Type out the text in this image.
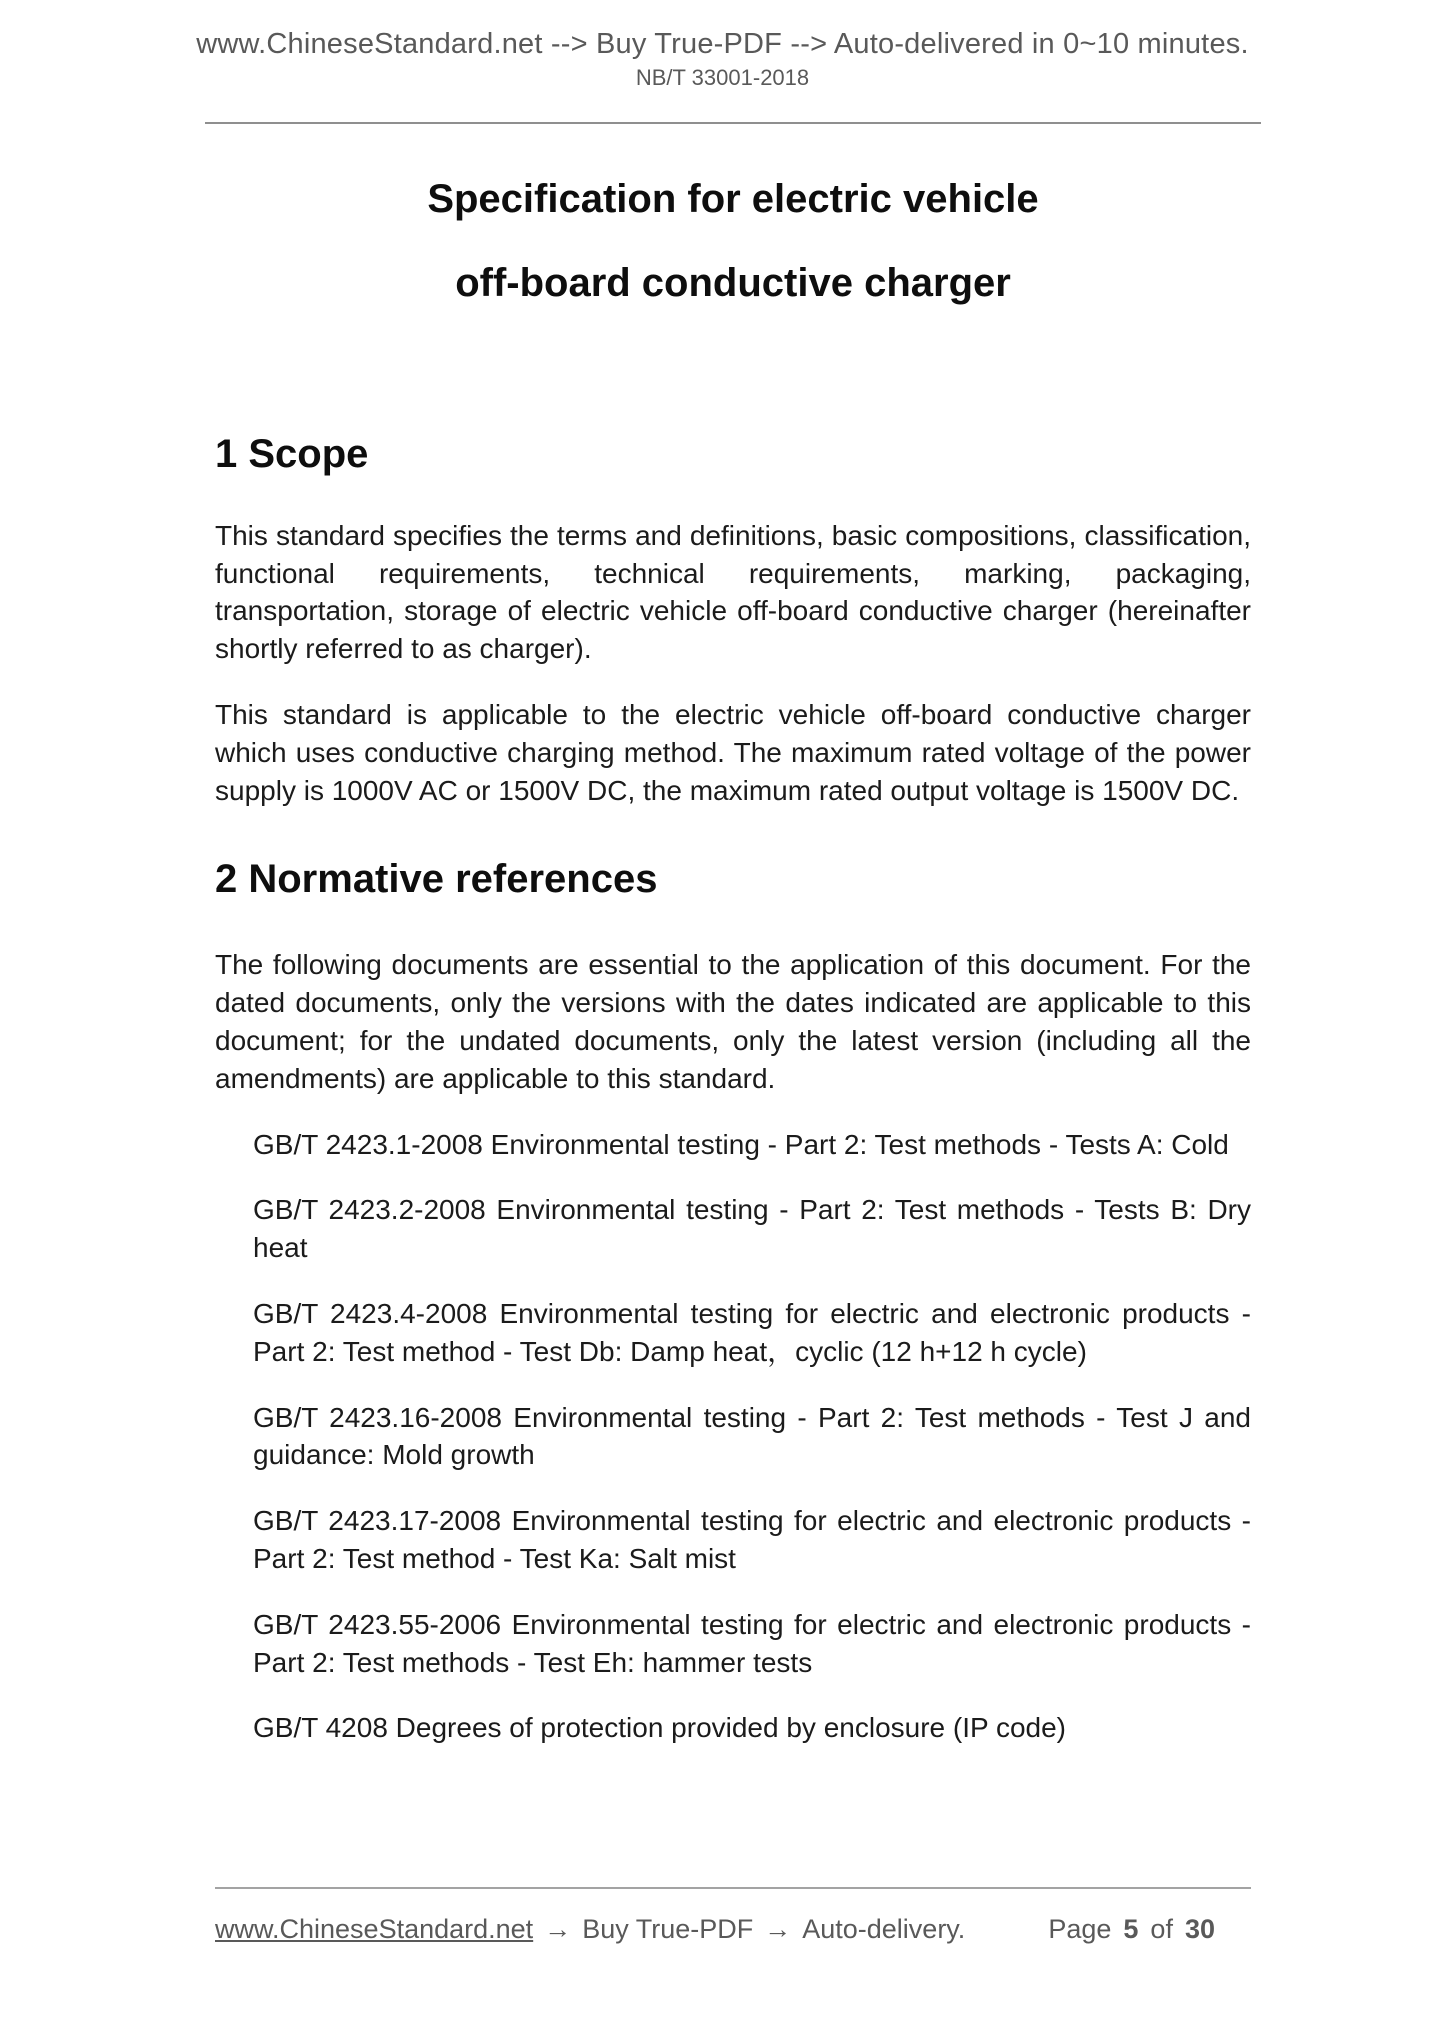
www.ChineseStandard.net --> Buy True-PDF --> Auto-delivered in 0~10 minutes.
NB/T 33001-2018
Specification for electric vehicle
off-board conductive charger
1 Scope

This standard specifies the terms and definitions, basic compositions, classification, functional requirements, technical requirements, marking, packaging, transportation, storage of electric vehicle off-board conductive charger (hereinafter shortly referred to as charger).

This standard is applicable to the electric vehicle off-board conductive charger which uses conductive charging method. The maximum rated voltage of the power supply is 1000V AC or 1500V DC, the maximum rated output voltage is 1500V DC.

2 Normative references

The following documents are essential to the application of this document. For the dated documents, only the versions with the dates indicated are applicable to this document; for the undated documents, only the latest version (including all the amendments) are applicable to this standard.

GB/T 2423.1-2008 Environmental testing - Part 2: Test methods - Tests A: Cold

GB/T 2423.2-2008 Environmental testing - Part 2: Test methods - Tests B: Dry heat

GB/T 2423.4-2008 Environmental testing for electric and electronic products - Part 2: Test method - Test Db: Damp heat，cyclic (12 h+12 h cycle)

GB/T 2423.16-2008 Environmental testing - Part 2: Test methods - Test J and guidance: Mold growth

GB/T 2423.17-2008 Environmental testing for electric and electronic products - Part 2: Test method - Test Ka: Salt mist

GB/T 2423.55-2006 Environmental testing for electric and electronic products - Part 2: Test methods - Test Eh: hammer tests

GB/T 4208 Degrees of protection provided by enclosure (IP code)

www.ChineseStandard.net → Buy True-PDF → Auto-delivery.	Page 5 of 30
